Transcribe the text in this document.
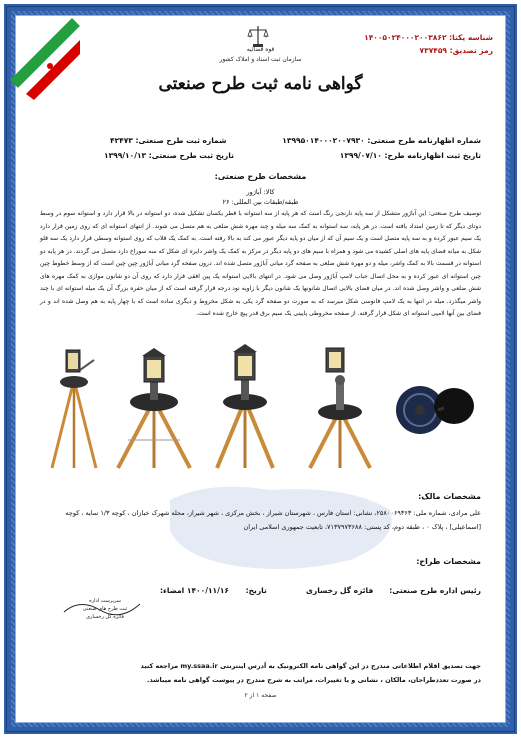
شناسه یکتا: ۱۴۰۰۵۰۲۴۰۰۰۲۰۰۳۸۶۲
رمز تصدیق: ۷۳۷۴۵۹
قوه قضائیه
سازمان ثبت اسناد و املاک کشور
گواهی نامه ثبت طرح صنعتی
شماره اظهارنامه طرح صنعتی: ۱۳۹۹۵۰۱۴۰۰۰۲۰۰۷۹۳۰
شماره ثبت طرح صنعتی: ۴۲۴۷۳
تاریخ ثبت اظهارنامه طرح: ۱۳۹۹/۰۷/۱۰
تاریخ ثبت طرح صنعتی: ۱۳۹۹/۱۰/۱۳
مشخصات طرح صنعتی:
کالا: آباژور
طبقه/طبقات بین المللی: ۲۶
توصیف طرح صنعتی: این آباژور متشکل از سه پایه نارنجی رنگ است که هر پایه از سه استوانه با قطر یکسان تشکیل شده، دو استوانه در بالا قرار دارد و استوانه سوم در وسط دوتای دیگر که تا زمین امتداد یافته است. در هر پایه، سه استوانه به کمک سه میله و چند مهره شش ضلعی به هم متصل می شوند. از انتهای استوانه ای که روی زمین قرار دارد یک سیم عبور کرده و به سه پایه متصل است و یک سیم آن که از میان دو پایه دیگر عبور می کند به بالا رفته است. به کمک یک قلاب که روی استوانه وسطی قرار دارد یک سه قلو شکل به میانه فضای پایه های اصلی کشیده می شود و همراه با سیم های دو پایه دیگر در مرکز به کمک یک واشر دایره ای شکل که سه سوراخ دارد متصل می گردند. در هر پایه دو استوانه در قسمت بالا به کمک واشر، میله و دو مهره شش ضلعی به صفحه گرد میانی آباژور متصل شده اند. درون صفحه گرد میانی آباژور چپن چین است که از وسط خطوط چین چین استوانه ای عبور کرده و به محل اتصال حباب لامپ آباژور وصل می شود. در انتهای بالایی استوانه یک پین افقی قرار دارد که روی آن دو شانون موازی به کمک مهره های شش ضلعی و واشر وصل شده اند. در میان فضای بالایی اتصال شانونها یک شانون دیگر با زاویه نود درجه قرار گرفته است که از میان حفره بزرگ آن یک میله استوانه ای با چند واشر میگذرد. میله در انتها به یک لامپ فانوسی شکل میرسد که به صورت دو صفحه گرد یکی به شکل مخروط و دیگری ساده است که با چهار پایه به هم وصل شده اند و در فضای بین آنها لامپی استوانه ای شکل قرار گرفته. از صفحه مخروطی پایینی یک سیم برق قدر پیچ خارج شده است.
مشخصات مالک:
علی مرادی، شماره ملی: ۲۵۸۰۰۶۹۳۶۳، نشانی: استان فارس ، شهرستان شیراز ، بخش مرکزی ، شهر شیراز، محله شهرک خبازان ، کوچه ۱/۳ سایه ، کوچه [اسماعیلی] ، پلاک ۰ ، طبقه دوم، کد پستی: ۷۱۳۷۹۷۳۶۸۸، تابعیت جمهوری اسلامی ایران
مشخصات طراح:
رئیس اداره طرح صنعتی:
فائزه گل رخساری
تاریخ: ۱۴۰۰/۱۱/۱۶ امضاء:
سرپرست اداره
ثبت طرح های صنعتی
فائزه گل رخساری
جهت تصدیق اقلام اطلاعاتی مندرج در این گواهی نامه الکترونیک به آدرس اینترنتی my.ssaa.ir مراجعه کنید
در صورت تعددطراحان، مالکان ، نشانی و یا تغییرات، مراتب به شرح مندرج در پیوست گواهی نامه میباشد.
صفحه ۱ از ۲
